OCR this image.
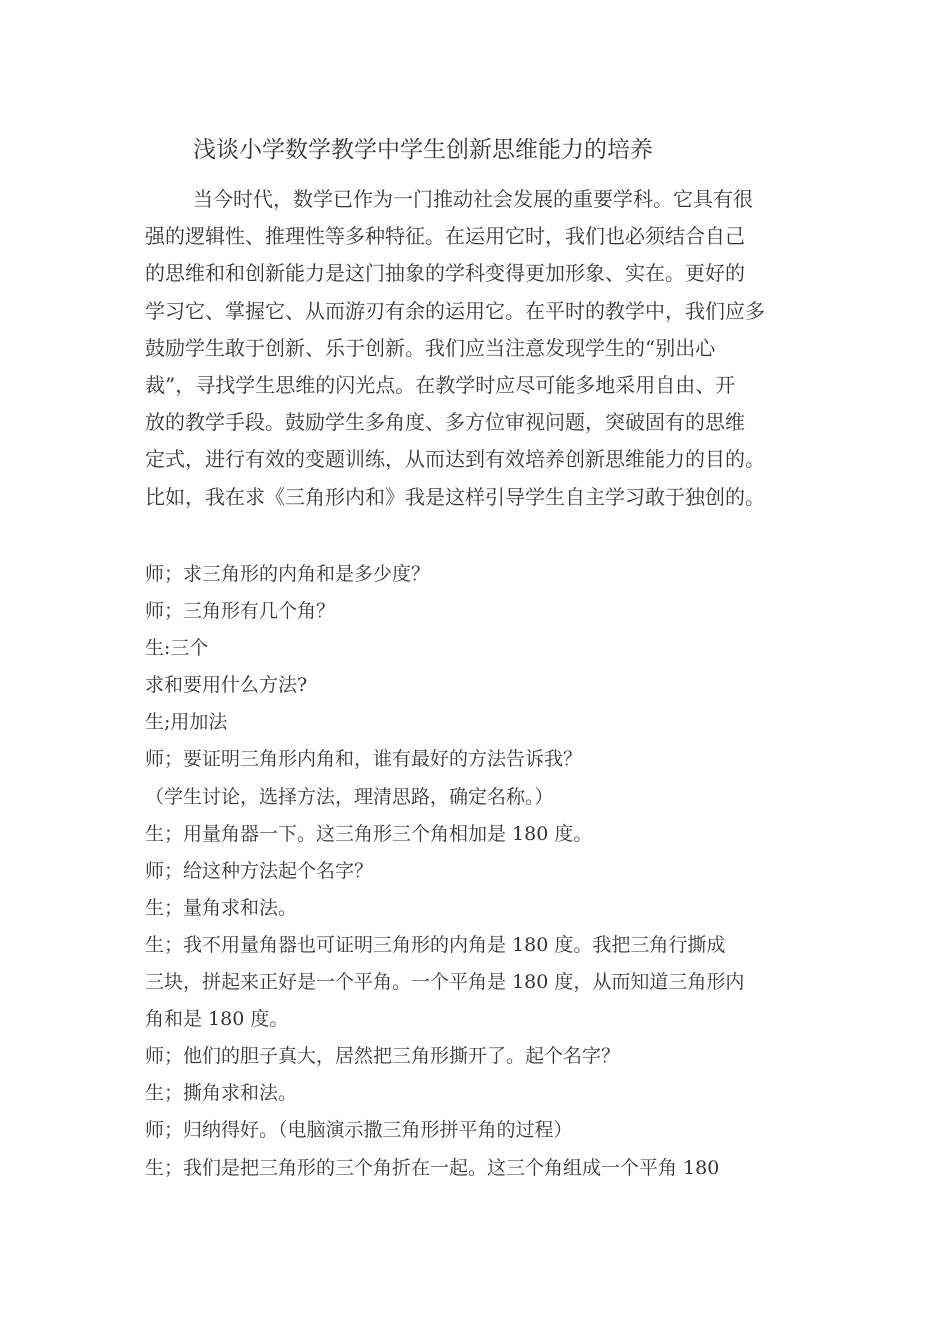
浅谈小学数学教学中学生创新思维能力的培养
当今时代，数学已作为一门推动社会发展的重要学科。它具有很
强的逻辑性、推理性等多种特征。在运用它时，我们也必须结合自己
的思维和和创新能力是这门抽象的学科变得更加形象、实在。更好的
学习它、掌握它、从而游刃有余的运用它。在平时的教学中，我们应多
鼓励学生敢于创新、乐于创新。我们应当注意发现学生的“别出心
裁”，寻找学生思维的闪光点。在教学时应尽可能多地采用自由、开
放的教学手段。鼓励学生多角度、多方位审视问题，突破固有的思维
定式，进行有效的变题训练，从而达到有效培养创新思维能力的目的。
比如，我在求《三角形内和》我是这样引导学生自主学习敢于独创的。
师；求三角形的内角和是多少度？
师；三角形有几个角？
生:三个
求和要用什么方法?
生;用加法
师；要证明三角形内角和，谁有最好的方法告诉我？
（学生讨论，选择方法，理清思路，确定名称。）
生；用量角器一下。这三角形三个角相加是 180 度。
师；给这种方法起个名字？
生；量角求和法。
生；我不用量角器也可证明三角形的内角是 180 度。我把三角行撕成
三块，拼起来正好是一个平角。一个平角是 180 度，从而知道三角形内
角和是 180 度。
师；他们的胆子真大，居然把三角形撕开了。起个名字？
生；撕角求和法。
师；归纳得好。（电脑演示撒三角形拼平角的过程）
生；我们是把三角形的三个角折在一起。这三个角组成一个平角 180
